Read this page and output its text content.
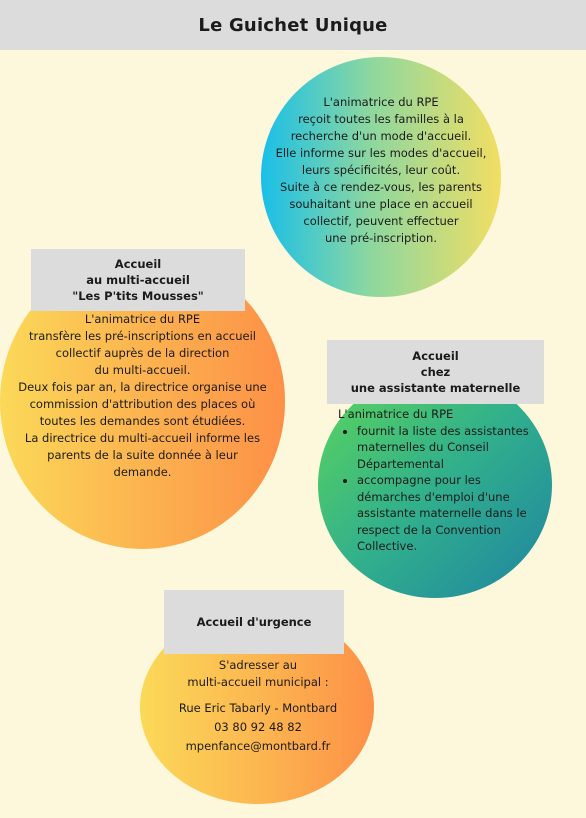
Le Guichet Unique
L'animatrice du RPE
reçoit toutes les familles à la
recherche d'un mode d'accueil.
Elle informe sur les modes d'accueil,
leurs spécificités, leur coût.
Suite à ce rendez-vous, les parents
souhaitant une place en accueil
collectif, peuvent effectuer
une pré-inscription.
Accueil
au multi-accueil
"Les P'tits Mousses"
L'animatrice du RPE
transfère les pré-inscriptions en accueil
collectif auprès de la direction
du multi-accueil.
Deux fois par an, la directrice organise une
commission d'attribution des places où
toutes les demandes sont étudiées.
La directrice du multi-accueil informe les
parents de la suite donnée à leur
demande.
Accueil
chez
une assistante maternelle
L'animatrice du RPE
• fournit la liste des assistantes maternelles du Conseil Départemental
• accompagne pour les démarches d'emploi d'une assistante maternelle dans le respect de la Convention Collective.
Accueil d'urgence
S'adresser au
multi-accueil municipal :
Rue Eric Tabarly - Montbard
03 80 92 48 82
mpenfance@montbard.fr
